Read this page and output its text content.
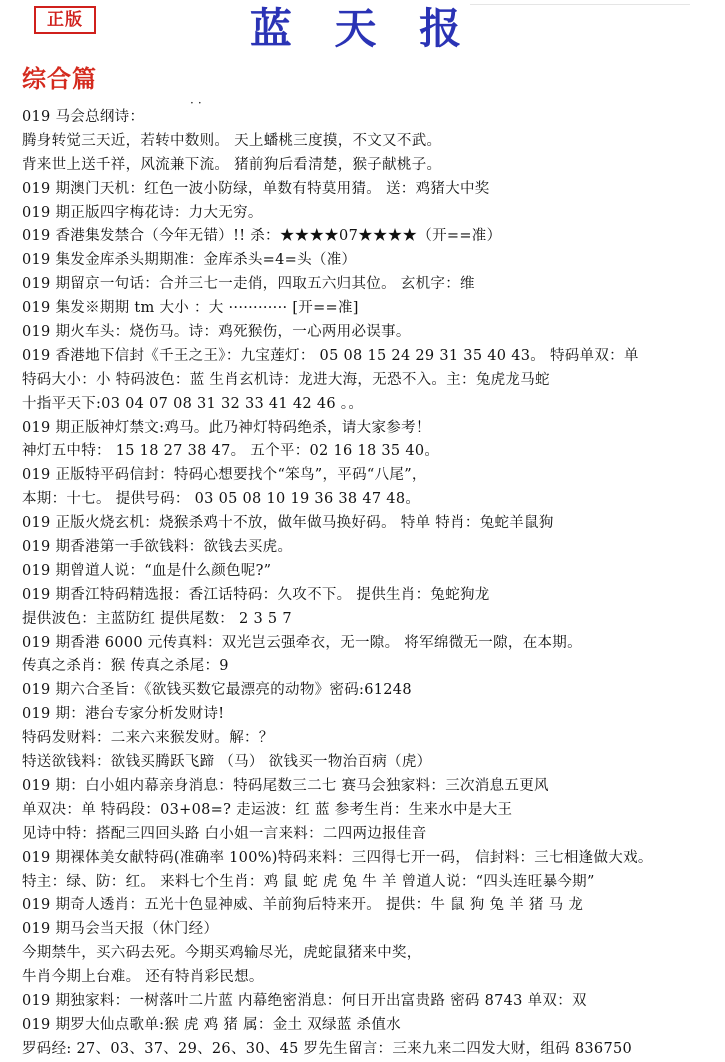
正版	蓝 天 报
综合篇
··
019 马会总纲诗：
腾身转觉三天近，若转中数则。 天上蟠桃三度摸，不文又不武。
背来世上送千祥，风流兼下流。 猪前狗后看清楚，猴子献桃子。
019 期澳门天机：红色一波小防绿，单数有特莫用猜。 送：鸡猪大中奖
019 期正版四字梅花诗：力大无穷。
019 香港集发禁合（今年无错）!! 杀：★★★★07★★★★（开==准）
019 集发金库杀头期期准：金库杀头=4=头（准）
019 期留京一句话：合并三七一走俏，四取五六归其位。 玄机字：维
019 集发※期期 tm 大小 ：大 ············ [开==准]
019 期火车头：烧伤马。诗：鸡死猴伤，一心两用必误事。
019 香港地下信封《千王之王》：九宝莲灯： 05 08 15 24 29 31 35 40 43。 特码单双：单
特码大小：小 特码波色：蓝 生肖玄机诗：龙进大海，无恐不入。主：兔虎龙马蛇
十指平天下:03 04 07 08 31 32 33 41 42 46 。。
019 期正版神灯禁文:鸡马。此乃神灯特码绝杀，请大家参考！
神灯五中特： 15 18 27 38 47。 五个平：02 16 18 35 40。
019 正版特平码信封：特码心想要找个“笨鸟”，平码“八尾”，
本期：十七。 提供号码： 03 05 08 10 19 36 38 47 48。
019 正版火烧玄机：烧猴杀鸡十不放，做年做马换好码。 特单 特肖：兔蛇羊鼠狗
019 期香港第一手欲钱料：欲钱去买虎。
019 期曾道人说：“血是什么颜色呢?”
019 期香江特码精选报：香江话特码：久攻不下。 提供生肖：兔蛇狗龙
提供波色：主蓝防红 提供尾数： 2 3 5 7
019 期香港 6000 元传真料：双光岂云强牵衣，无一隙。 将军绵微无一隙，在本期。
传真之杀肖：猴 传真之杀尾：9
019 期六合圣旨：《欲钱买数它最漂亮的动物》密码:61248
019 期：港台专家分析发财诗!
特码发财料：二来六来猴发财。解：？
特送欲钱料：欲钱买腾跃飞蹄 （马） 欲钱买一物治百病（虎）
019 期：白小姐内幕亲身消息：特码尾数三二七 赛马会独家料：三次消息五更风
单双决：单 特码段：03+08=? 走运波：红 蓝 参考生肖：生来水中是大王
见诗中特：搭配三四回头路 白小姐一言来料：二四两边报佳音
019 期裸体美女献特码(准确率 100%)特码来料：三四得七开一码， 信封料：三七相逢做大戏。
特主：绿、防：红。 来料七个生肖：鸡 鼠 蛇 虎 兔 牛 羊 曾道人说：“四头连旺暴今期”
019 期奇人透肖：五光十色显神威、羊前狗后特来开。 提供：牛 鼠 狗 兔 羊 猪 马 龙
019 期马会当天报（休门经）
今期禁牛，买六码去死。今期买鸡输尽光，虎蛇鼠猪来中奖，
牛肖今期上台难。 还有特肖彩民想。
019 期独家料：一树落叶二片蓝 内幕绝密消息：何日开出富贵路 密码 8743 单双：双
019 期罗大仙点歌单:猴 虎 鸡 猪 属：金土 双绿蓝 杀值水
罗码经: 27、03、37、29、26、30、45 罗先生留言：三来九来二四发大财，组码 836750
